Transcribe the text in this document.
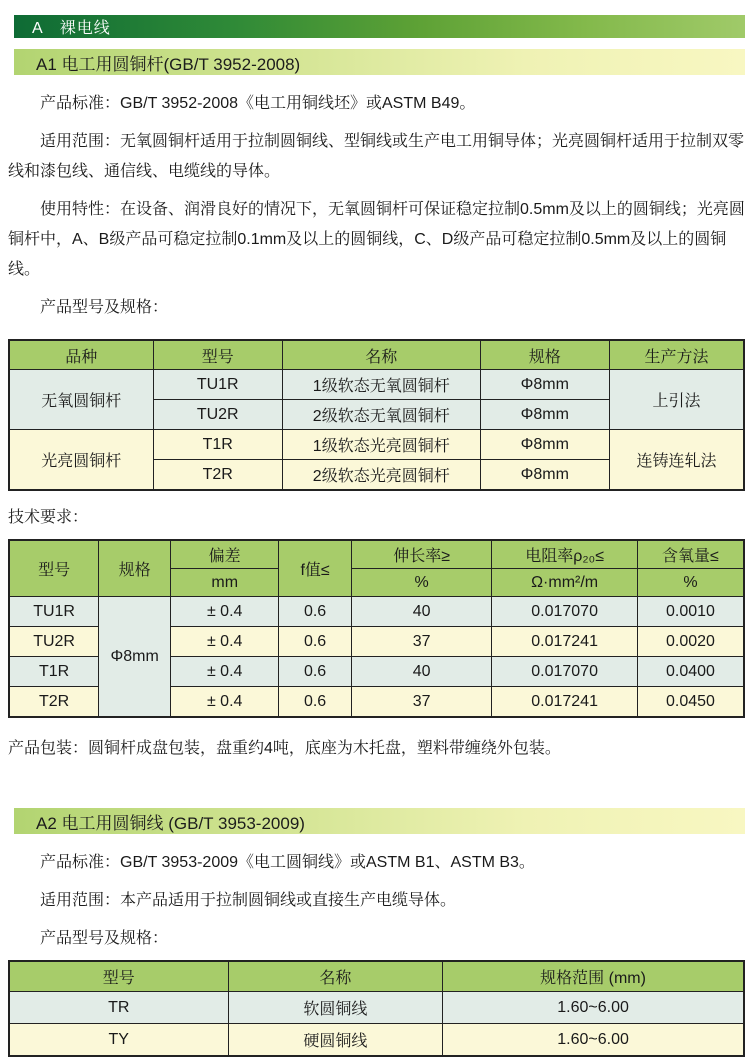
A　裸电线
A1 电工用圆铜杆(GB/T 3952-2008)

产品标准：GB/T 3952-2008《电工用铜线坯》或ASTM B49。

适用范围：无氧圆铜杆适用于拉制圆铜线、型铜线或生产电工用铜导体；光亮圆铜杆适用于拉制双零线和漆包线、通信线、电缆线的导体。

使用特性：在设备、润滑良好的情况下，无氧圆铜杆可保证稳定拉制0.5mm及以上的圆铜线；光亮圆铜杆中，A、B级产品可稳定拉制0.1mm及以上的圆铜线，C、D级产品可稳定拉制0.5mm及以上的圆铜线。

产品型号及规格：

品种	型号	名称	规格	生产方法
无氧圆铜杆	TU1R	1级软态无氧圆铜杆	Φ8mm	上引法
	TU2R	2级软态无氧圆铜杆	Φ8mm	
光亮圆铜杆	T1R	1级软态光亮圆铜杆	Φ8mm	连铸连轧法
	T2R	2级软态光亮圆铜杆	Φ8mm	

技术要求：

型号	规格	偏差	f值≤	伸长率≥	电阻率ρ₂₀≤	含氧量≤
		mm		%	Ω·mm²/m	%
TU1R	Φ8mm	± 0.4	0.6	40	0.017070	0.0010
TU2R		± 0.4	0.6	37	0.017241	0.0020
T1R		± 0.4	0.6	40	0.017070	0.0400
T2R		± 0.4	0.6	37	0.017241	0.0450

产品包装：圆铜杆成盘包装，盘重约4吨，底座为木托盘，塑料带缠绕外包装。

A2 电工用圆铜线 (GB/T 3953-2009)

产品标准：GB/T 3953-2009《电工圆铜线》或ASTM B1、ASTM B3。

适用范围：本产品适用于拉制圆铜线或直接生产电缆导体。

产品型号及规格：

型号	名称	规格范围 (mm)
TR	软圆铜线	1.60~6.00
TY	硬圆铜线	1.60~6.00
